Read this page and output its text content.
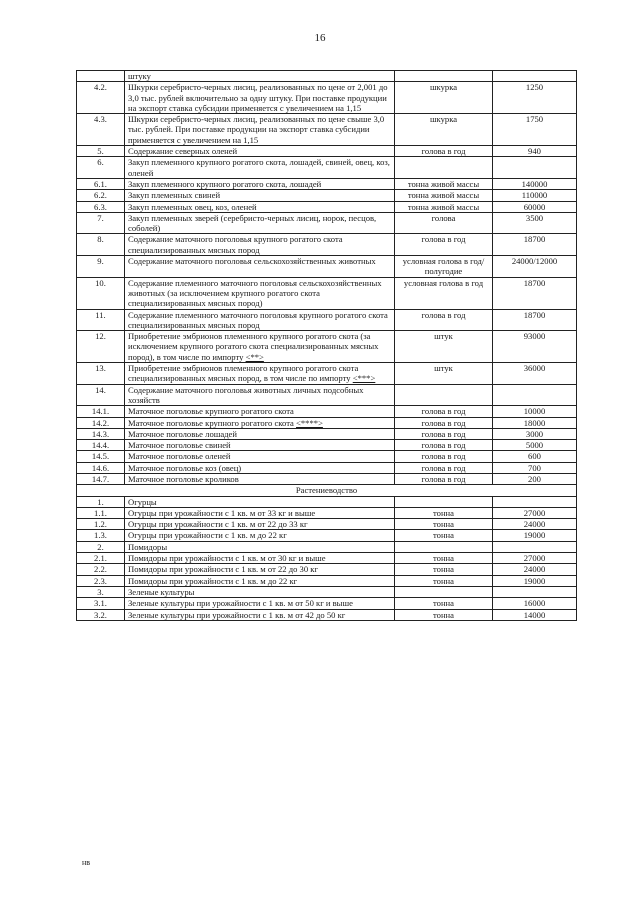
16
	штуку		
4.2.	Шкурки серебристо-черных лисиц, реализованных по цене от 2,001 до 3,0 тыс. рублей включительно за одну штуку. При поставке продукции на экспорт ставка субсидии применяется с увеличением на 1,15	шкурка	1250
4.3.	Шкурки серебристо-черных лисиц, реализованных по цене свыше 3,0 тыс. рублей. При поставке продукции на экспорт ставка субсидии применяется с увеличением на 1,15	шкурка	1750
5.	Содержание северных оленей	голова в год	940
6.	Закуп племенного крупного рогатого скота, лошадей, свиней, овец, коз, оленей		
6.1.	Закуп племенного крупного рогатого скота, лошадей	тонна живой массы	140000
6.2.	Закуп племенных свиней	тонна живой массы	110000
6.3.	Закуп племенных овец, коз, оленей	тонна живой массы	60000
7.	Закуп племенных зверей (серебристо-черных лисиц, норок, песцов, соболей)	голова	3500
8.	Содержание маточного поголовья крупного рогатого скота специализированных мясных пород	голова в год	18700
9.	Содержание маточного поголовья сельскохозяйственных животных	условная голова в год/полугодие	24000/12000
10.	Содержание племенного маточного поголовья сельскохозяйственных животных (за исключением крупного рогатого скота специализированных мясных пород)	условная голова в год	18700
11.	Содержание племенного маточного поголовья крупного рогатого скота специализированных мясных пород	голова в год	18700
12.	Приобретение эмбрионов племенного крупного рогатого скота (за исключением крупного рогатого скота специализированных мясных пород), в том числе по импорту <**>	штук	93000
13.	Приобретение эмбрионов племенного крупного рогатого скота специализированных мясных пород, в том числе по импорту <***>	штук	36000
14.	Содержание маточного поголовья животных личных подсобных хозяйств		
14.1.	Маточное поголовье крупного рогатого скота	голова в год	10000
14.2.	Маточное поголовье крупного рогатого скота <****>	голова в год	18000
14.3.	Маточное поголовье лошадей	голова в год	3000
14.4.	Маточное поголовье свиней	голова в год	5000
14.5.	Маточное поголовье оленей	голова в год	600
14.6.	Маточное поголовье коз (овец)	голова в год	700
14.7.	Маточное поголовье кроликов	голова в год	200
Растениеводство			
1.	Огурцы		
1.1.	Огурцы при урожайности с 1 кв. м от 33 кг и выше	тонна	27000
1.2.	Огурцы при урожайности с 1 кв. м от 22 до 33 кг	тонна	24000
1.3.	Огурцы при урожайности с 1 кв. м до 22 кг	тонна	19000
2.	Помидоры		
2.1.	Помидоры при урожайности с 1 кв. м от 30 кг и выше	тонна	27000
2.2.	Помидоры при урожайности с 1 кв. м от 22 до 30 кг	тонна	24000
2.3.	Помидоры при урожайности с 1 кв. м до 22 кг	тонна	19000
3.	Зеленые культуры		
3.1.	Зеленые культуры при урожайности с 1 кв. м от 50 кг и выше	тонна	16000
3.2.	Зеленые культуры при урожайности с 1 кв. м от 42 до 50 кг	тонна	14000
нв
